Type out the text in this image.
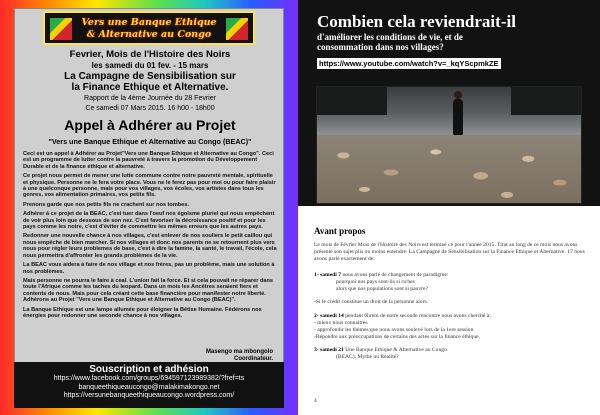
Vers une Banque Ethique
& Alternative au Congo
Fevrier, Mois de l'Histoire des Noirs
les samedi du 01 fev. - 15 mars
La Campagne de Sensibilisation sur
la Finance Ethique et Alternative.
Rapport de la 4ème Journée du 28 Fevrier
Ce samedi 07 Mars 2015. 16 h00 - 18h00
Appel à Adhérer au Projet
"Vers une Banque Ethique et Alternative au Congo (BEAC)"

Ceci est un appel à Adhérer au Projet"Vers une Banque Ethique et Alternative au Congo". Ceci est un programme de lutter contre la pauvreté à travers la promotion du Développement Durable et de la finance éthique et alternative.

Ce projet nous permet de mener une lutte commune contre notre pauvreté mentale, spirituelle et physique. Personne ne le fera votre place. Vous ne le ferez pas pour moi ou pour faire plaisir à une quelconque personne, mais pour vos villages, vos écoles, vos artistes dans tous les genres, vos alimentation primaires, vos petits fils.

Prenons garde que nos petits fils ne crachent sur nos tombes.

Adhérer à ce projet de la BEAC, c'est tuer dans l'oeuf nos égoïsme pluriel qui nous empêchent de voir plus loin que dessous de son nez. C'est favoriser la décroissance positif et pour les pays comme les notre, c'est d'éviter de commettre les mêmes erreurs que les autres pays.

Redonner une nouvelle chance à nos villages, c'est enlever de nos souliers le petit caillou qui nous empêche de bien marcher. Si nos villages et donc nos parents ne se retournent plus vers nous pour régler leurs problemes de base, c'est à dire la famine, la santé, le travail, l'école, cela nous permettra d'affronter les grands problèmes de la vie.

La BEAC vous aidera à faire de nos village et nos frères, pas un problème, mais une solution à nos problèmes.

Mais personne ne pourra le faire à ceal. L'union fait la force. Et si cela pouvait ne réparer dans toute l'Afrique comme les taches du leopard. Dans un mois les Ancêtres seraient fiers et contents de nous. Mais pour cela créant cette base financière pour manifester notre liberté. Adhérons au Projet "Vers une Banque Ethique et Alternative au Congo (BEAC)".

La Banque Ethique est une lampe allumée pour éloigner la Bêtise Humaine. Fédérons nos énergies pour redonner une seconde chance à nos villages.

Masengo ma mbongolo
Coordinateur.
Souscription et adhésion
https://www.facebook.com/groups/694597123989382/?fref=ts
banqueethiqueaucongo@malakimakongo.net
https://versunebanqueethiqueaucongo.wordpress.com/
Combien cela reviendrait-il
d'améliorer les conditions de vie, et de consommation dans nos villages?
https://www.youtube.com/watch?v=_kqYScpmkZE
Avant propos
Le mois de Février Mois de l'Histoire des Noirs est terminé ce pour l'année 2015. Tirat au long de ce mois nous avons présenté son sujet plis ou moins entendre: La Campagne de Sensibilisation sur la Finance Ethique et Alternative. 17 nous avons parlé exactement de:
1- samedi 7 nous avons parlé de changement de paradigme:
pourquoi nos pays sont-ils si riches
alors que nos populations sont si pauvre?
-Si le crédit constitue un droit de la personne alors.
2- samedi 14 pendant 6hrem de notre seconde rencontre nous avons cherché à:
- mieux nous connaitres
- approfondir les thèmes que nous avons soulevé lors de la 1ere session
-Répondre aux préoccupations de certains des actes sur la finance éthique.
3- samedi 21 Une Banque Ethique & Alternative au Congo
(BEAC), Mythe ou Réalité?
4
